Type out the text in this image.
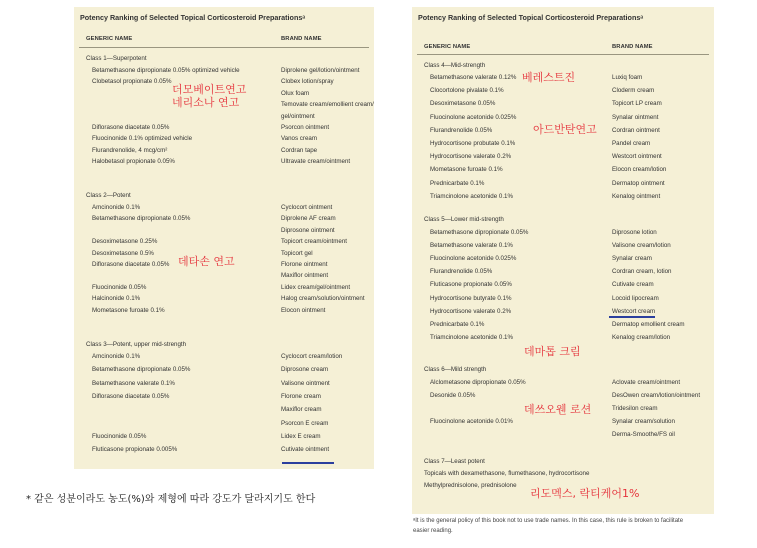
Potency Ranking of Selected Topical Corticosteroid Preparationsᵃ
GENERIC NAME	BRAND NAME
Class 1—Superpotent
Betamethasone dipropionate 0.05% optimized vehicle	Diprolene gel/lotion/ointment
Clobetasol propionate 0.05%	Clobex lotion/spray
Olux foam
Temovate cream/emollient cream/
gel/ointment
Diflorasone diacetate 0.05%	Psorcon ointment
Fluocinonide 0.1% optimized vehicle	Vanos cream
Flurandrenolide, 4 mcg/cm²	Cordran tape
Halobetasol propionate 0.05%	Ultravate cream/ointment
Class 2—Potent
Amcinonide 0.1%	Cyclocort ointment
Betamethasone dipropionate 0.05%	Diprolene AF cream
Diprosone ointment
Desoximetasone 0.25%	Topicort cream/ointment
Desoximetasone 0.5%	Topicort gel
Diflorasone diacetate 0.05%	Florone ointment
Maxiflor ointment
Fluocinonide 0.05%	Lidex cream/gel/ointment
Halcinonide 0.1%	Halog cream/solution/ointment
Mometasone furoate 0.1%	Elocon ointment
Class 3—Potent, upper mid-strength
Amcinonide 0.1%	Cyclocort cream/lotion
Betamethasone dipropionate 0.05%	Diprosone cream
Betamethasone valerate 0.1%	Valisone ointment
Diflorasone diacetate 0.05%	Florone cream
Maxiflor cream
Psorcon E cream
Fluocinonide 0.05%	Lidex E cream
Fluticasone propionate 0.005%	Cutivate ointment
더모베이트연고
네리소나 연고
데타손 연고
Potency Ranking of Selected Topical Corticosteroid Preparationsᵃ
GENERIC NAME	BRAND NAME
Class 4—Mid-strength
Betamethasone valerate 0.12%	Luxiq foam
Clocortolone pivalate 0.1%	Cloderm cream
Desoximetasone 0.05%	Topicort LP cream
Fluocinolone acetonide 0.025%	Synalar ointment
Flurandrenolide 0.05%	Cordran ointment
Hydrocortisone probutate 0.1%	Pandel cream
Hydrocortisone valerate 0.2%	Westcort ointment
Mometasone furoate 0.1%	Elocon cream/lotion
Prednicarbate 0.1%	Dermatop ointment
Triamcinolone acetonide 0.1%	Kenalog ointment
Class 5—Lower mid-strength
Betamethasone dipropionate 0.05%	Diprosone lotion
Betamethasone valerate 0.1%	Valisone cream/lotion
Fluocinolone acetonide 0.025%	Synalar cream
Flurandrenolide 0.05%	Cordran cream, lotion
Fluticasone propionate 0.05%	Cutivate cream
Hydrocortisone butyrate 0.1%	Locoid lipocream
Hydrocortisone valerate 0.2%	Westcort cream
Prednicarbate 0.1%	Dermatop emollient cream
Triamcinolone acetonide 0.1%	Kenalog cream/lotion
Class 6—Mild strength
Alclometasone dipropionate 0.05%	Aclovate cream/ointment
Desonide 0.05%	DesOwen cream/lotion/ointment
Tridesilon cream
Fluocinolone acetonide 0.01%	Synalar cream/solution
Derma-Smoothe/FS oil
Class 7—Least potent
Topicals with dexamethasone, flumethasone, hydrocortisone
Methylprednisolone, prednisolone
베레스트진
아드반탄연고
데마톱 크림
데쓰오웬 로션
리도멕스, 락티케어1%
* 같은 성분이라도 농도(%)와 제형에 따라 강도가 달라지기도 한다
ᵃIt is the general policy of this book not to use trade names. In this case, this rule is broken to facilitate
easier reading.
